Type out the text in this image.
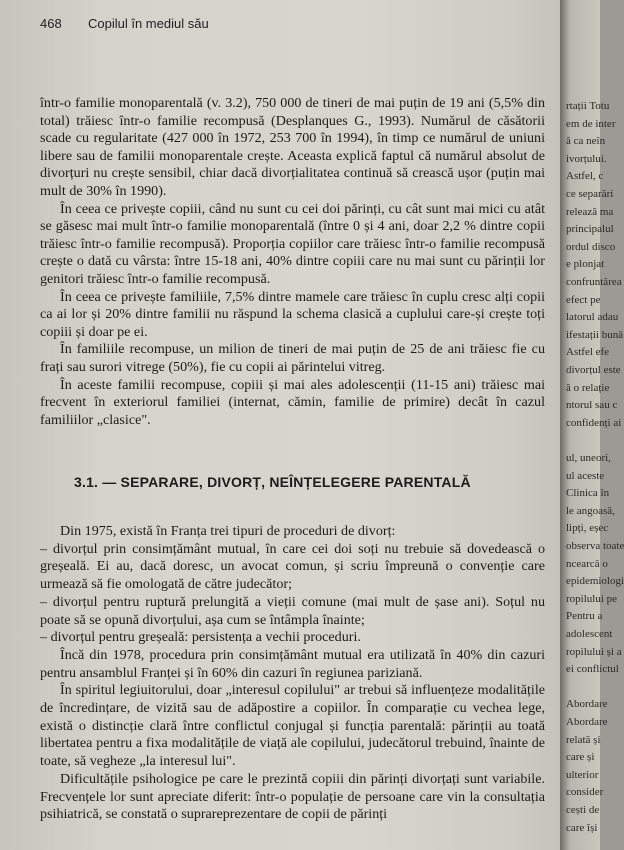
468 Copilul în mediul său

într-o familie monoparentală (v. 3.2), 750 000 de tineri de mai puțin de 19 ani (5,5% din total) trăiesc într-o familie recompusă (Desplanques G., 1993). Numărul de căsătorii scade cu regularitate (427 000 în 1972, 253 700 în 1994), în timp ce numărul de uniuni libere sau de familii monoparentale crește. Aceasta explică faptul că numărul absolut de divorțuri nu crește sensibil, chiar dacă divorțialitatea continuă să crească ușor (puțin mai mult de 30% în 1990).

În ceea ce privește copiii, când nu sunt cu cei doi părinți, cu cât sunt mai mici cu atât se găsesc mai mult într-o familie monoparentală (între 0 și 4 ani, doar 2,2 % dintre copii trăiesc într-o familie recompusă). Proporția copiilor care trăiesc într-o familie recompusă crește o dată cu vârsta: între 15-18 ani, 40% dintre copiii care nu mai sunt cu părinții lor genitori trăiesc într-o familie recompusă.

În ceea ce privește familiile, 7,5% dintre mamele care trăiesc în cuplu cresc alți copii ca ai lor și 20% dintre familii nu răspund la schema clasică a cuplului care-și crește toți copiii și doar pe ei.

În familiile recompuse, un milion de tineri de mai puțin de 25 de ani trăiesc fie cu frați sau surori vitrege (50%), fie cu copii ai părintelui vitreg.

În aceste familii recompuse, copiii și mai ales adolescenții (11-15 ani) trăiesc mai frecvent în exteriorul familiei (internat, cămin, familie de primire) decât în cazul familiilor „clasice".

3.1. — SEPARARE, DIVORȚ, NEÎNȚELEGERE PARENTALĂ

Din 1975, există în Franța trei tipuri de proceduri de divorț:

– divorțul prin consimțământ mutual, în care cei doi soți nu trebuie să dovedească o greșeală. Ei au, dacă doresc, un avocat comun, și scriu împreună o convenție care urmează să fie omologată de către judecător;

– divorțul pentru ruptură prelungită a vieții comune (mai mult de șase ani). Soțul nu poate să se opună divorțului, așa cum se întâmpla înainte;

– divorțul pentru greșeală: persistența a vechii proceduri.

Încă din 1978, procedura prin consimțământ mutual era utilizată în 40% din cazuri pentru ansamblul Franței și în 60% din cazuri în regiunea pariziană.

În spiritul legiuitorului, doar „interesul copilului" ar trebui să influențeze modalitățile de încredințare, de vizită sau de adăpostire a copiilor. În comparație cu vechea lege, există o distincție clară între conflictul conjugal și funcția parentală: părinții au toată libertatea pentru a fixa modalitățile de viață ale copilului, judecătorul trebuind, înainte de toate, să vegheze „la interesul lui".

Dificultățile psihologice pe care le prezintă copiii din părinți divorțați sunt variabile. Frecvențele lor sunt apreciate diferit: într-o populație de persoane care vin la consultația psihiatrică, se constată o suprareprezentare de copii de părinți

rtații Totu
em de inter
ă ca neîn
ivorțului.
Astfel, c
ce separări
relează ma
principalul
ordul disco
e plonjat
confruntărea
efect pe
latorul adau
ifestații bună
Astfel efe
divorțul este
ă o relație
ntorul sau c
confidenți ai
ul, uneori,
ul aceste
Clinica în
le angoasă,
lipți, eșec
observa toate
ncearcă o
epidemiologi
ropilului pe
Pentru a
adolescent
ropilului și a
ei conflictul
Abordare
Abordare
relată și
care și
ulterior
consider
cești de
care își
